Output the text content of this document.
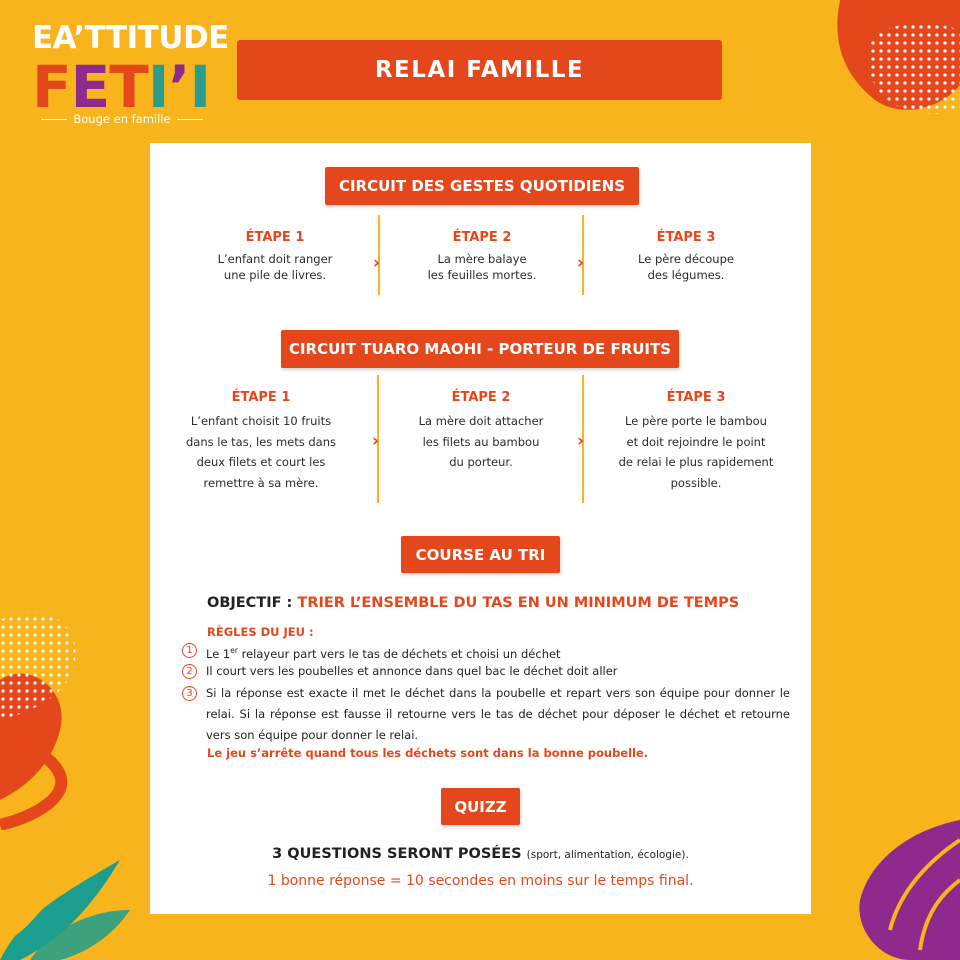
EA’TTITUDE
FETI’I
Bouge en famille
RELAI FAMILLE
CIRCUIT DES GESTES QUOTIDIENS
ÉTAPE 1
L’enfant doit ranger
une pile de livres.
›
ÉTAPE 2
La mère balaye
les feuilles mortes.
›
ÉTAPE 3
Le père découpe
des légumes.
CIRCUIT TUARO MAOHI - PORTEUR DE FRUITS
ÉTAPE 1
L’enfant choisit 10 fruits
dans le tas, les mets dans
deux filets et court les
remettre à sa mère.
›
ÉTAPE 2
La mère doit attacher
les filets au bambou
du porteur.
›
ÉTAPE 3
Le père porte le bambou
et doit rejoindre le point
de relai le plus rapidement
possible.
COURSE AU TRI
OBJECTIF : TRIER L’ENSEMBLE DU TAS EN UN MINIMUM DE TEMPS
RÈGLES DU JEU :
1	Le 1er relayeur part vers le tas de déchets et choisi un déchet
2	Il court vers les poubelles et annonce dans quel bac le déchet doit aller
3	Si la réponse est exacte il met le déchet dans la poubelle et repart vers son équipe pour donner le relai. Si la réponse est fausse il retourne vers le tas de déchet pour déposer le déchet et retourne vers son équipe pour donner le relai.
Le jeu s’arrête quand tous les déchets sont dans la bonne poubelle.
QUIZZ
3 QUESTIONS SERONT POSÉES (sport, alimentation, écologie).
1 bonne réponse = 10 secondes en moins sur le temps final.
